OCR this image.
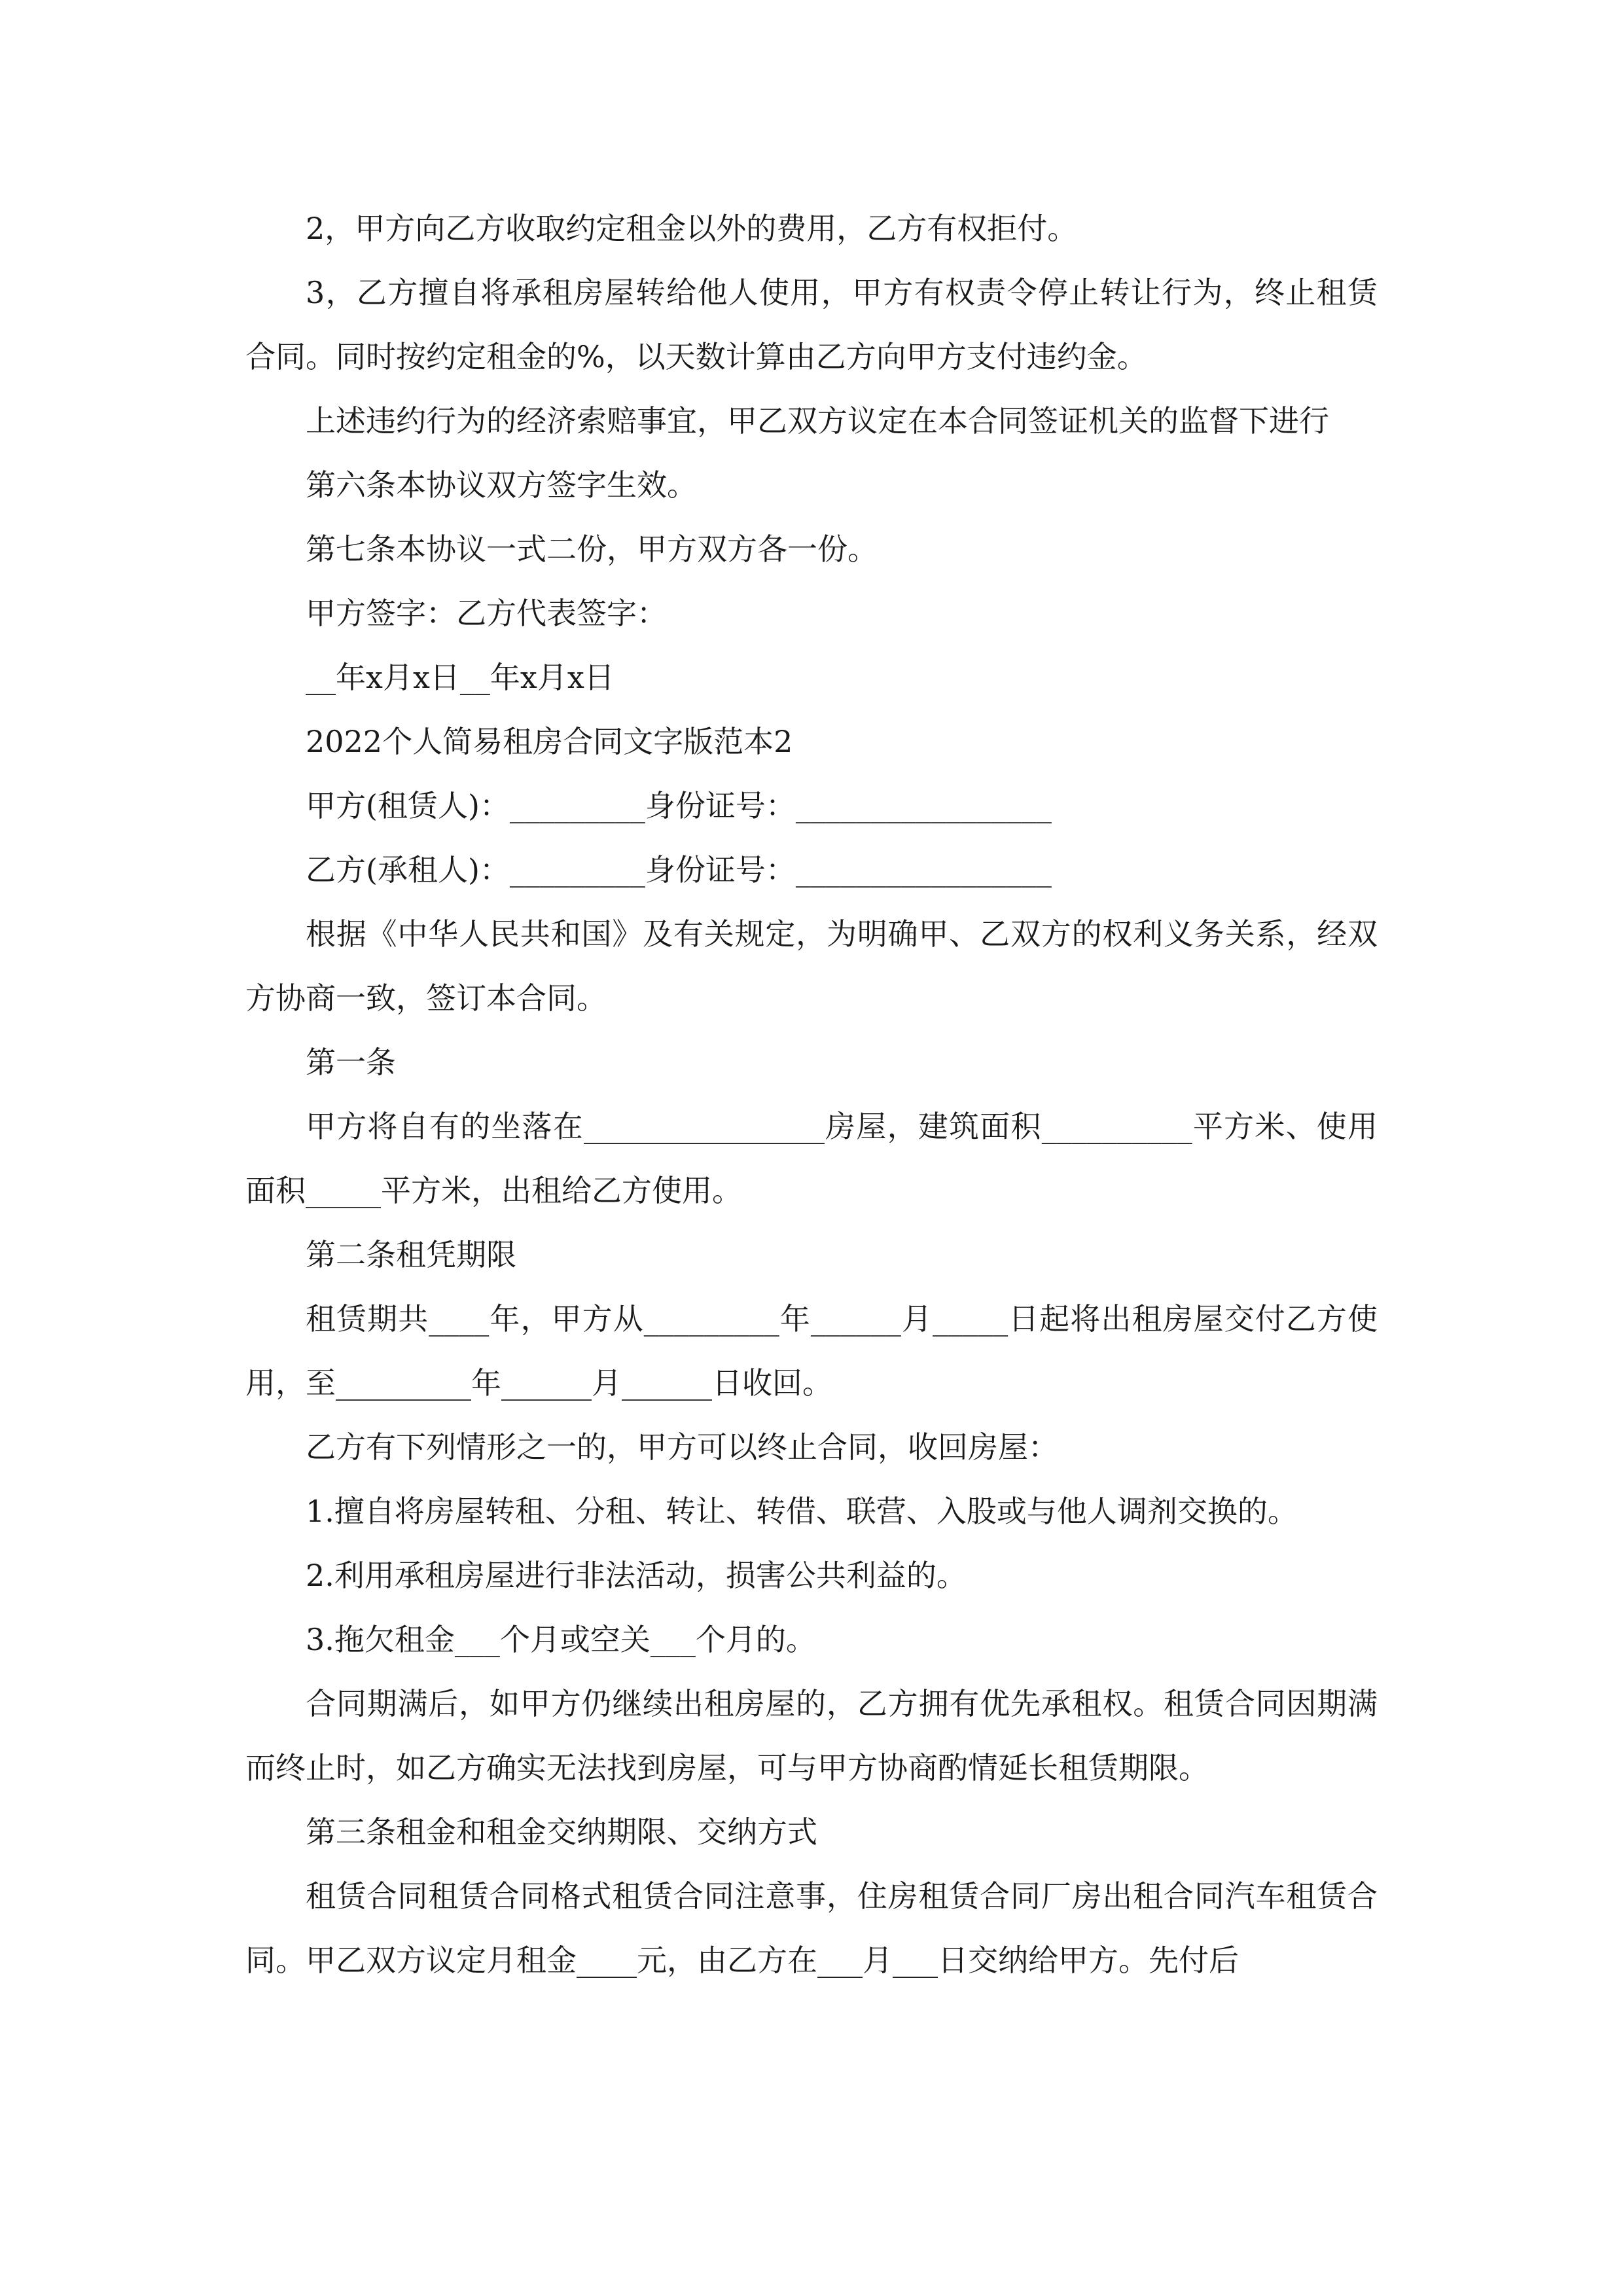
2，甲方向乙方收取约定租金以外的费用，乙方有权拒付。

3，乙方擅自将承租房屋转给他人使用，甲方有权责令停止转让行为，终止租赁合同。同时按约定租金的%，以天数计算由乙方向甲方支付违约金。

上述违约行为的经济索赔事宜，甲乙双方议定在本合同签证机关的监督下进行

第六条本协议双方签字生效。

第七条本协议一式二份，甲方双方各一份。

甲方签字：乙方代表签字：

__年x月x日__年x月x日

2022个人简易租房合同文字版范本2

甲方(租赁人)：_________身份证号：_________________

乙方(承租人)：_________身份证号：_________________

根据《中华人民共和国》及有关规定，为明确甲、乙双方的权利义务关系，经双方协商一致，签订本合同。

第一条

甲方将自有的坐落在________________房屋，建筑面积__________平方米、使用面积_____平方米，出租给乙方使用。

第二条租凭期限

租赁期共____年，甲方从_________年______月_____日起将出租房屋交付乙方使用，至_________年______月______日收回。

乙方有下列情形之一的，甲方可以终止合同，收回房屋：

1.擅自将房屋转租、分租、转让、转借、联营、入股或与他人调剂交换的。

2.利用承租房屋进行非法活动，损害公共利益的。

3.拖欠租金___个月或空关___个月的。

合同期满后，如甲方仍继续出租房屋的，乙方拥有优先承租权。租赁合同因期满而终止时，如乙方确实无法找到房屋，可与甲方协商酌情延长租赁期限。

第三条租金和租金交纳期限、交纳方式

租赁合同租赁合同格式租赁合同注意事，住房租赁合同厂房出租合同汽车租赁合同。甲乙双方议定月租金____元，由乙方在___月___日交纳给甲方。先付后
